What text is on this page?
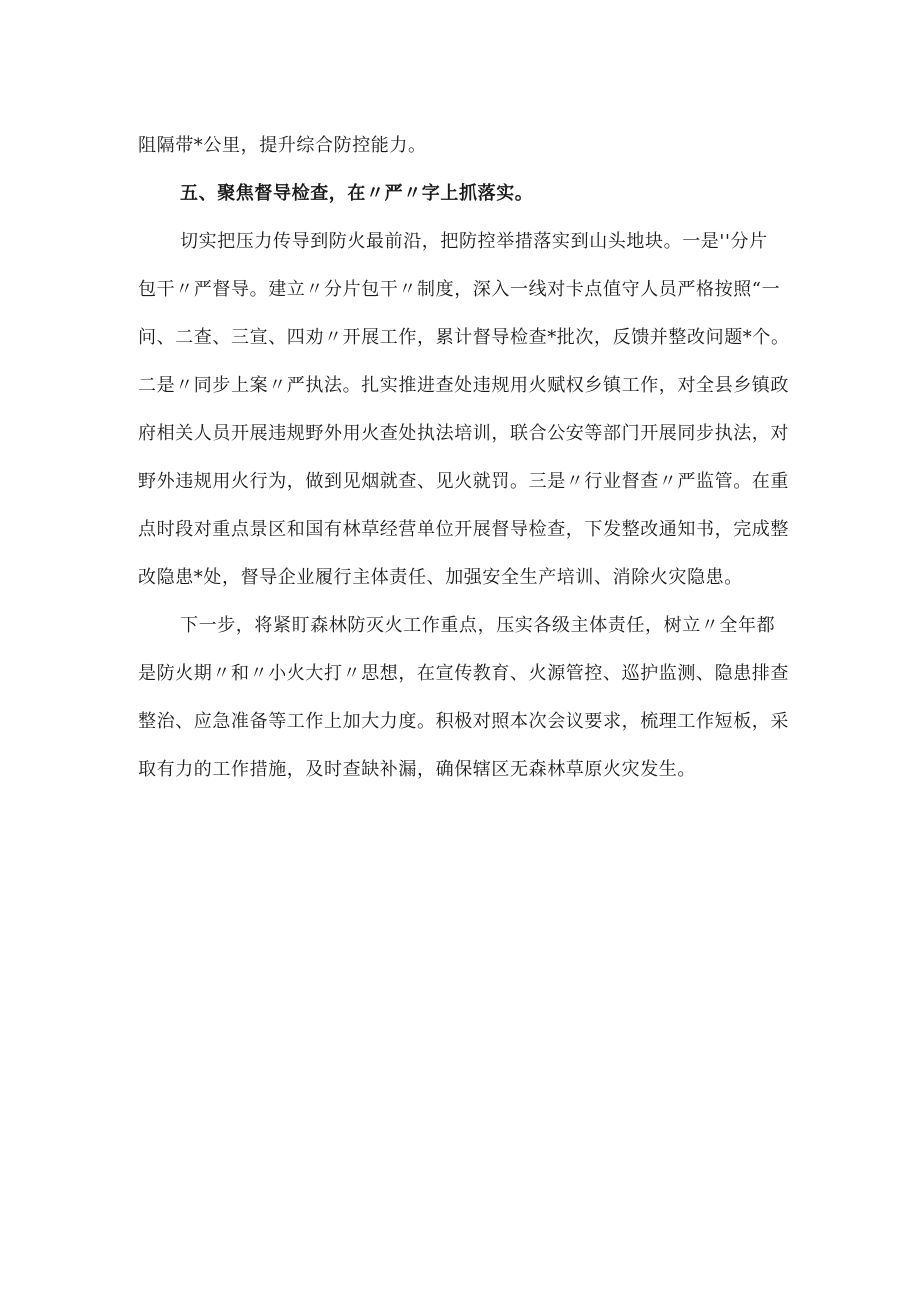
阻隔带*公里，提升综合防控能力。
五、聚焦督导检查，在〃严〃字上抓落实。
切实把压力传导到防火最前沿，把防控举措落实到山头地块。一是''分片
包干〃严督导。建立〃分片包干〃制度，深入一线对卡点值守人员严格按照“一
问、二查、三宣、四劝〃开展工作，累计督导检查*批次，反馈并整改问题*个。
二是〃同步上案〃严执法。扎实推进查处违规用火赋权乡镇工作，对全县乡镇政
府相关人员开展违规野外用火查处执法培训，联合公安等部门开展同步执法，对
野外违规用火行为，做到见烟就查、见火就罚。三是〃行业督查〃严监管。在重
点时段对重点景区和国有林草经营单位开展督导检查，下发整改通知书，完成整
改隐患*处，督导企业履行主体责任、加强安全生产培训、消除火灾隐患。
下一步，将紧盯森林防灭火工作重点，压实各级主体责任，树立〃全年都
是防火期〃和〃小火大打〃思想，在宣传教育、火源管控、巡护监测、隐患排查
整治、应急准备等工作上加大力度。积极对照本次会议要求，梳理工作短板，采
取有力的工作措施，及时查缺补漏，确保辖区无森林草原火灾发生。
